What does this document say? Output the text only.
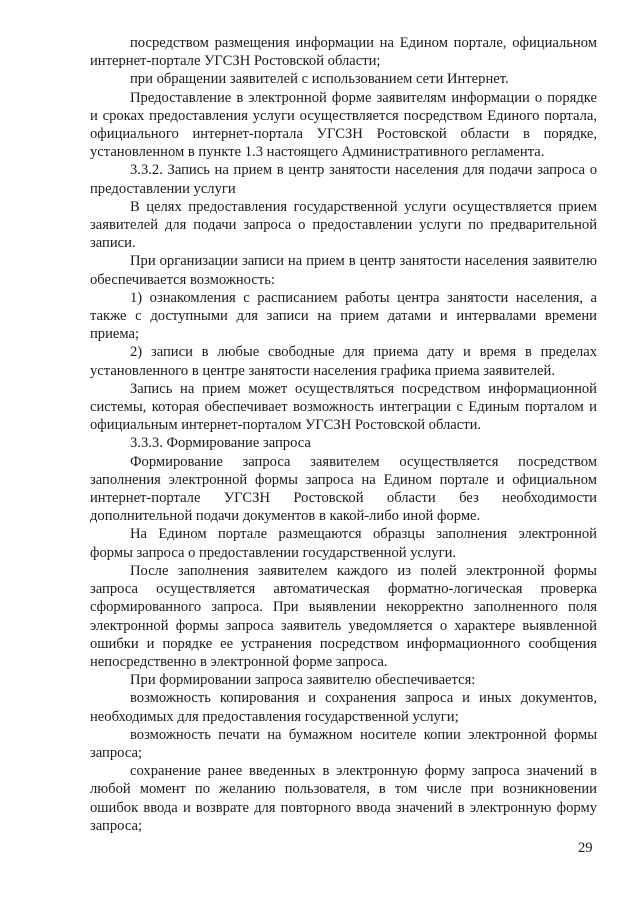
посредством размещения информации на Едином портале, официальном интернет-портале УГСЗН Ростовской области;

при обращении заявителей с использованием сети Интернет.

Предоставление в электронной форме заявителям информации о порядке и сроках предоставления услуги осуществляется посредством Единого портала, официального интернет-портала УГСЗН Ростовской области в порядке, установленном в пункте 1.3 настоящего Административного регламента.

3.3.2. Запись на прием в центр занятости населения для подачи запроса о предоставлении услуги

В целях предоставления государственной услуги осуществляется прием заявителей для подачи запроса о предоставлении услуги по предварительной записи.

При организации записи на прием в центр занятости населения заявителю обеспечивается возможность:

1) ознакомления с расписанием работы центра занятости населения, а также с доступными для записи на прием датами и интервалами времени приема;

2) записи в любые свободные для приема дату и время в пределах установленного в центре занятости населения графика приема заявителей.

Запись на прием может осуществляться посредством информационной системы, которая обеспечивает возможность интеграции с Единым порталом и официальным интернет-порталом УГСЗН Ростовской области.

3.3.3. Формирование запроса

Формирование запроса заявителем осуществляется посредством заполнения электронной формы запроса на Едином портале и официальном интернет-портале УГСЗН Ростовской области без необходимости дополнительной подачи документов в какой-либо иной форме.

На Едином портале размещаются образцы заполнения электронной формы запроса о предоставлении государственной услуги.

После заполнения заявителем каждого из полей электронной формы запроса осуществляется автоматическая форматно-логическая проверка сформированного запроса. При выявлении некорректно заполненного поля электронной формы запроса заявитель уведомляется о характере выявленной ошибки и порядке ее устранения посредством информационного сообщения непосредственно в электронной форме запроса.

При формировании запроса заявителю обеспечивается:

возможность копирования и сохранения запроса и иных документов, необходимых для предоставления государственной услуги;

возможность печати на бумажном носителе копии электронной формы запроса;

сохранение ранее введенных в электронную форму запроса значений в любой момент по желанию пользователя, в том числе при возникновении ошибок ввода и возврате для повторного ввода значений в электронную форму запроса;

29
